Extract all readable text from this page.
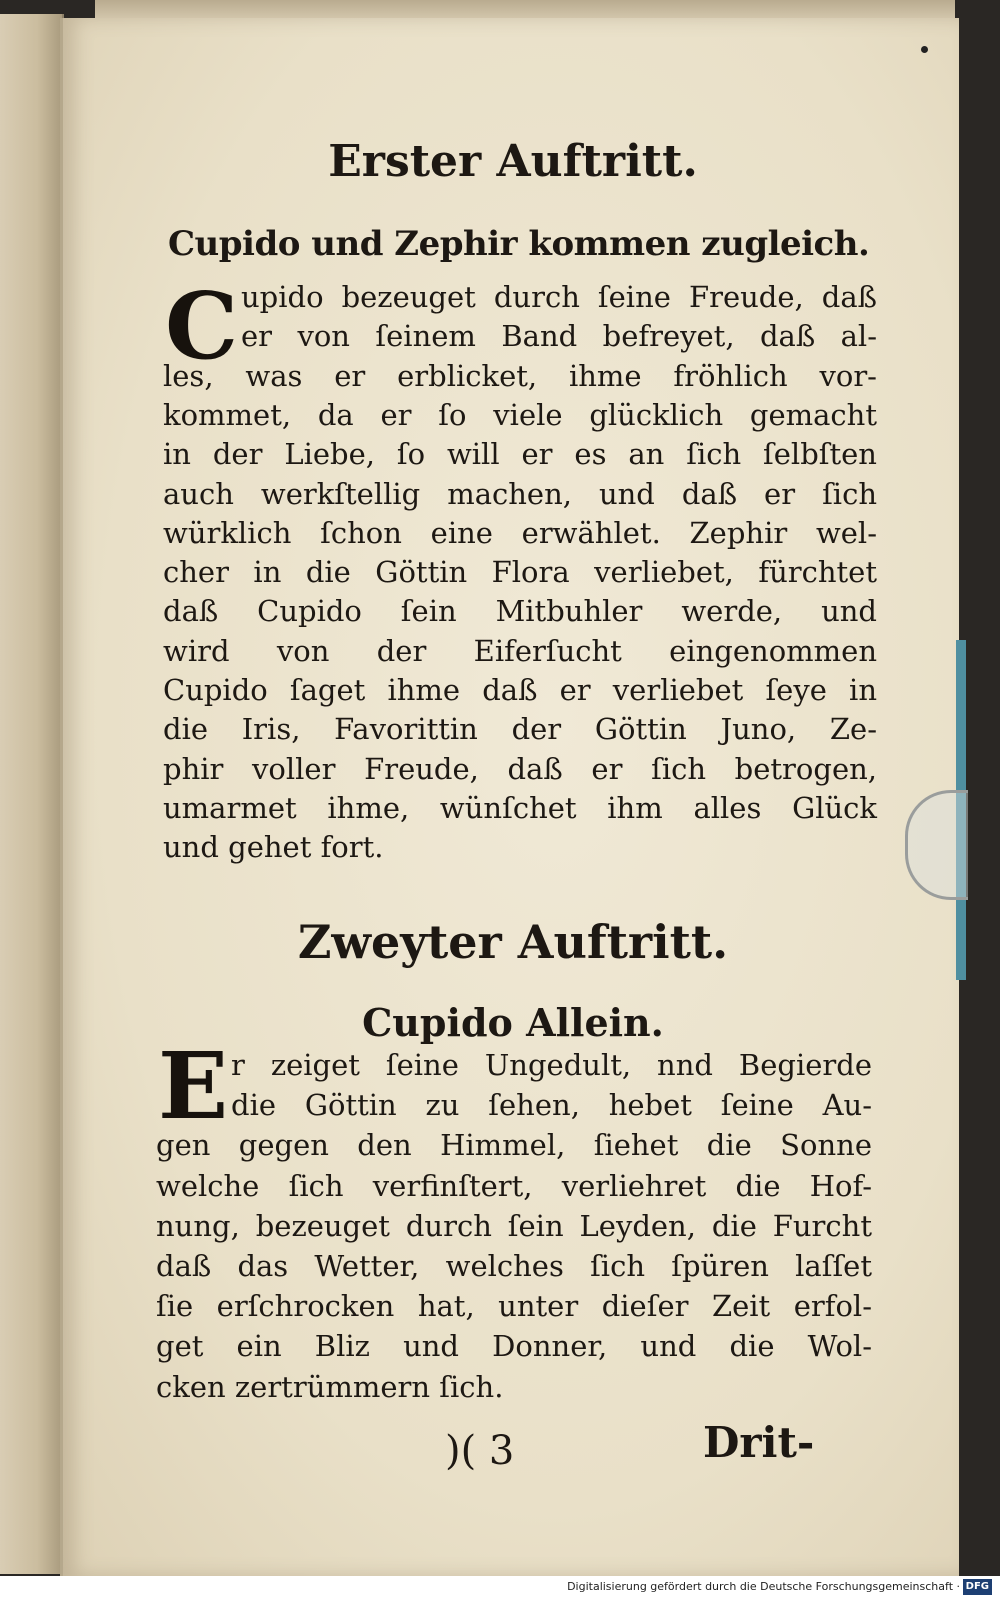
Erster Auftritt.
Cupido und Zephir kommen zugleich.
C upido bezeuget durch ſeine Freude, daß
er von ſeinem Band befreyet, daß al-
les, was er erblicket, ihme fröhlich vor-
kommet, da er ſo viele glücklich gemacht
in der Liebe, ſo will er es an ſich ſelbſten
auch werkſtellig machen, und daß er ſich
würklich ſchon eine erwählet. Zephir wel-
cher in die Göttin Flora verliebet, fürchtet
daß Cupido ſein Mitbuhler werde, und
wird von der Eiferſucht eingenommen
Cupido ſaget ihme daß er verliebet ſeye in
die Iris, Favorittin der Göttin Juno, Ze-
phir voller Freude, daß er ſich betrogen,
umarmet ihme, wünſchet ihm alles Glück
und gehet fort.
Zweyter Auftritt.
Cupido Allein.
E r zeiget ſeine Ungedult, nnd Begierde
die Göttin zu ſehen, hebet ſeine Au-
gen gegen den Himmel, ſiehet die Sonne
welche ſich verfinſtert, verliehret die Hof-
nung, bezeuget durch ſein Leyden, die Furcht
daß das Wetter, welches ſich ſpüren laſſet
ſie erſchrocken hat, unter dieſer Zeit erfol-
get ein Bliz und Donner, und die Wol-
cken zertrümmern ſich.
)( 3	Drit-
Digitalisierung gefördert durch die Deutsche Forschungsgemeinschaft · DFG
